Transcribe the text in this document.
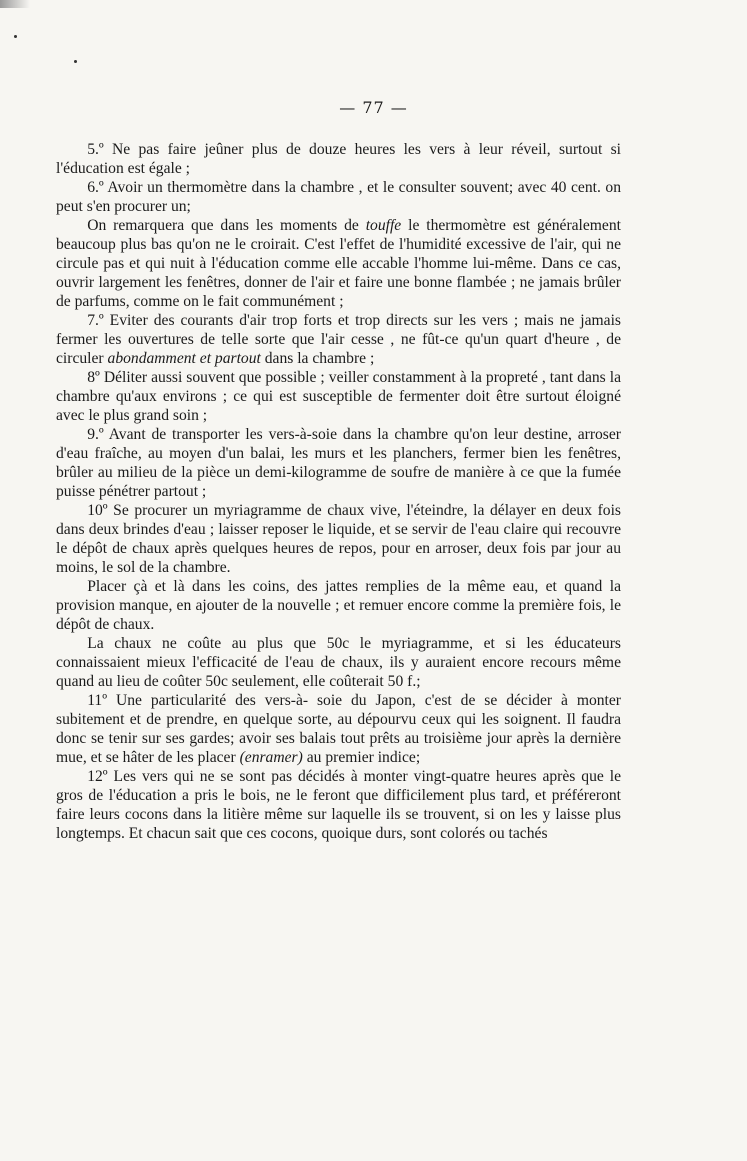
— 77 —

5.º Ne pas faire jeûner plus de douze heures les vers à leur réveil, surtout si l'éducation est égale ;

6.º Avoir un thermomètre dans la chambre , et le consulter souvent; avec 40 cent. on peut s'en procurer un;

On remarquera que dans les moments de touffe le thermomètre est généralement beaucoup plus bas qu'on ne le croirait. C'est l'effet de l'humidité excessive de l'air, qui ne circule pas et qui nuit à l'éducation comme elle accable l'homme lui-même. Dans ce cas, ouvrir largement les fenêtres, donner de l'air et faire une bonne flambée ; ne jamais brûler de parfums, comme on le fait communément ;

7.º Eviter des courants d'air trop forts et trop directs sur les vers ; mais ne jamais fermer les ouvertures de telle sorte que l'air cesse , ne fût-ce qu'un quart d'heure , de circuler abondamment et partout dans la chambre ;

8º Déliter aussi souvent que possible ; veiller constamment à la propreté , tant dans la chambre qu'aux environs ; ce qui est susceptible de fermenter doit être surtout éloigné avec le plus grand soin ;

9.º Avant de transporter les vers-à-soie dans la chambre qu'on leur destine, arroser d'eau fraîche, au moyen d'un balai, les murs et les planchers, fermer bien les fenêtres, brûler au milieu de la pièce un demi-kilogramme de soufre de manière à ce que la fumée puisse pénétrer partout ;

10º Se procurer un myriagramme de chaux vive, l'éteindre, la délayer en deux fois dans deux brindes d'eau ; laisser reposer le liquide, et se servir de l'eau claire qui recouvre le dépôt de chaux après quelques heures de repos, pour en arroser, deux fois par jour au moins, le sol de la chambre.

Placer çà et là dans les coins, des jattes remplies de la même eau, et quand la provision manque, en ajouter de la nouvelle ; et remuer encore comme la première fois, le dépôt de chaux.

La chaux ne coûte au plus que 50c le myriagramme, et si les éducateurs connaissaient mieux l'efficacité de l'eau de chaux, ils y auraient encore recours même quand au lieu de coûter 50c seulement, elle coûterait 50 f.;

11º Une particularité des vers-à- soie du Japon, c'est de se décider à monter subitement et de prendre, en quelque sorte, au dépourvu ceux qui les soignent. Il faudra donc se tenir sur ses gardes; avoir ses balais tout prêts au troisième jour après la dernière mue, et se hâter de les placer (enramer) au premier indice;

12º Les vers qui ne se sont pas décidés à monter vingt-quatre heures après que le gros de l'éducation a pris le bois, ne le feront que difficilement plus tard, et préféreront faire leurs cocons dans la litière même sur laquelle ils se trouvent, si on les y laisse plus longtemps. Et chacun sait que ces cocons, quoique durs, sont colorés ou tachés
